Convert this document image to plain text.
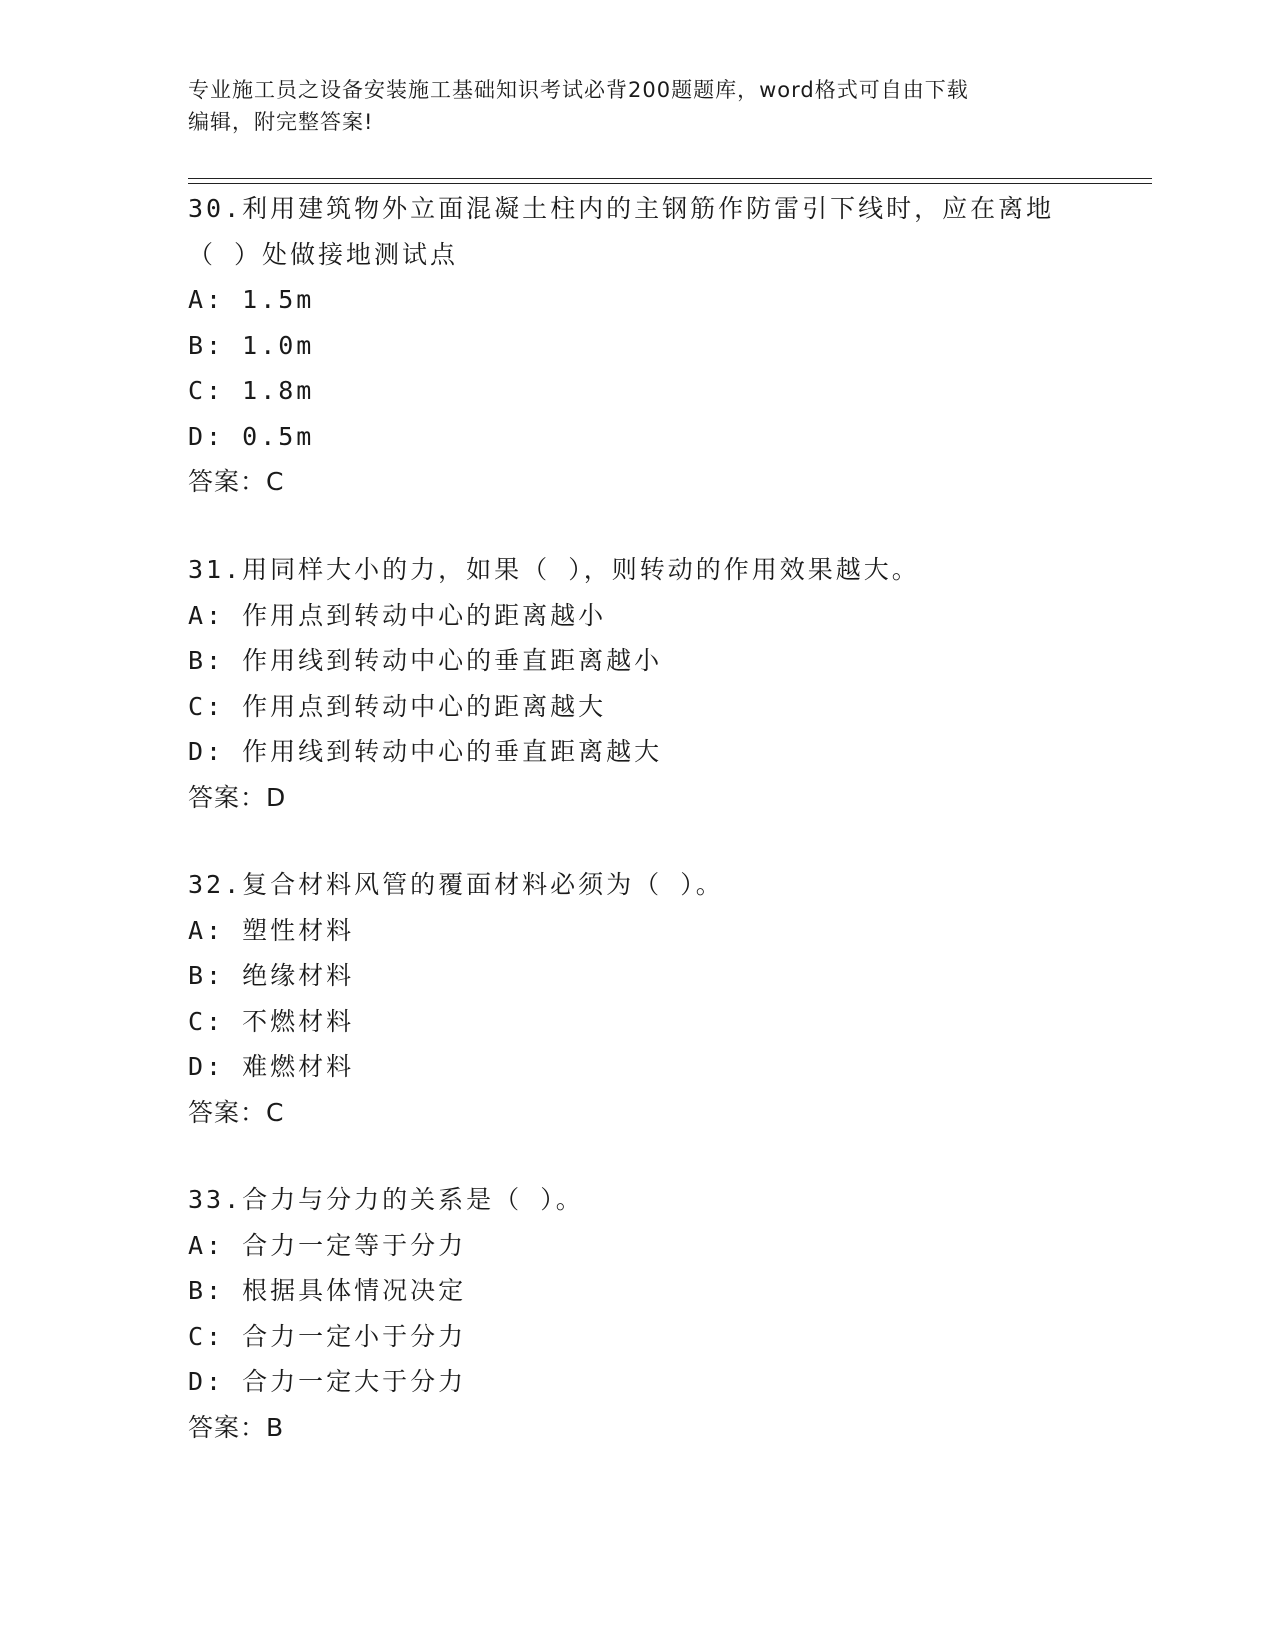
专业施工员之设备安装施工基础知识考试必背200题题库，word格式可自由下载
编辑，附完整答案!
30.利用建筑物外立面混凝土柱内的主钢筋作防雷引下线时，应在离地
（ ）处做接地测试点
A: 1.5m
B: 1.0m
C: 1.8m
D: 0.5m
答案：C
31.用同样大小的力，如果（ ），则转动的作用效果越大。
A: 作用点到转动中心的距离越小
B: 作用线到转动中心的垂直距离越小
C: 作用点到转动中心的距离越大
D: 作用线到转动中心的垂直距离越大
答案：D
32.复合材料风管的覆面材料必须为（ ）。
A: 塑性材料
B: 绝缘材料
C: 不燃材料
D: 难燃材料
答案：C
33.合力与分力的关系是（ ）。
A: 合力一定等于分力
B: 根据具体情况决定
C: 合力一定小于分力
D: 合力一定大于分力
答案：B
